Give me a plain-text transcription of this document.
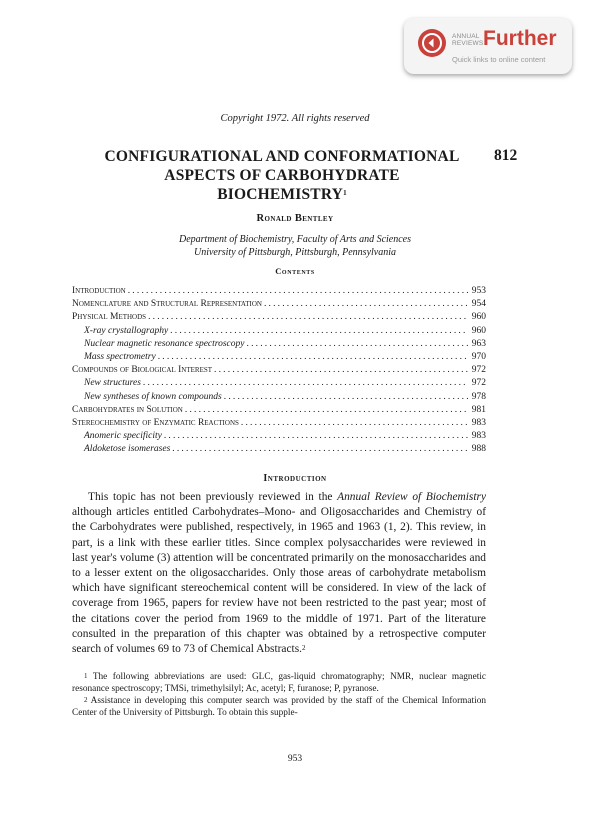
ANNUAL
REVIEWS Further
Quick links to online content
Copyright 1972. All rights reserved
CONFIGURATIONAL AND CONFORMATIONAL
ASPECTS OF CARBOHYDRATE
BIOCHEMISTRY$^1$
812
Ronald Bentley
Department of Biochemistry, Faculty of Arts and Sciences
University of Pittsburgh, Pittsburgh, Pennsylvania
Contents
Introduction .....	953
Nomenclature and Structural Representation .....	954
Physical Methods .....	960
X-ray crystallography .....	960
Nuclear magnetic resonance spectroscopy .....	963
Mass spectrometry .....	970
Compounds of Biological Interest .....	972
New structures .....	972
New syntheses of known compounds .....	978
Carbohydrates in Solution .....	981
Stereochemistry of Enzymatic Reactions .....	983
Anomeric specificity .....	983
Aldoketose isomerases .....	988
Introduction

This topic has not been previously reviewed in the Annual Review of Biochemistry although articles entitled Carbohydrates–Mono- and Oligosaccharides and Chemistry of the Carbohydrates were published, respectively, in 1965 and 1963 (1, 2). This review, in part, is a link with these earlier titles. Since complex polysaccharides were reviewed in last year's volume (3) attention will be concentrated primarily on the monosaccharides and to a lesser extent on the oligosaccharides. Only those areas of carbohydrate metabolism which have significant stereochemical content will be considered. In view of the lack of coverage from 1965, papers for review have not been restricted to the past year; most of the citations cover the period from 1969 to the middle of 1971. Part of the literature consulted in the preparation of this chapter was obtained by a retrospective computer search of volumes 69 to 73 of Chemical Abstracts.$^2$

$^1$ The following abbreviations are used: GLC, gas-liquid chromatography; NMR, nuclear magnetic resonance spectroscopy; TMSi, trimethylsilyl; Ac, acetyl; F, furanose; P, pyranose.

$^2$ Assistance in developing this computer search was provided by the staff of the Chemical Information Center of the University of Pittsburgh. To obtain this supple-

953
